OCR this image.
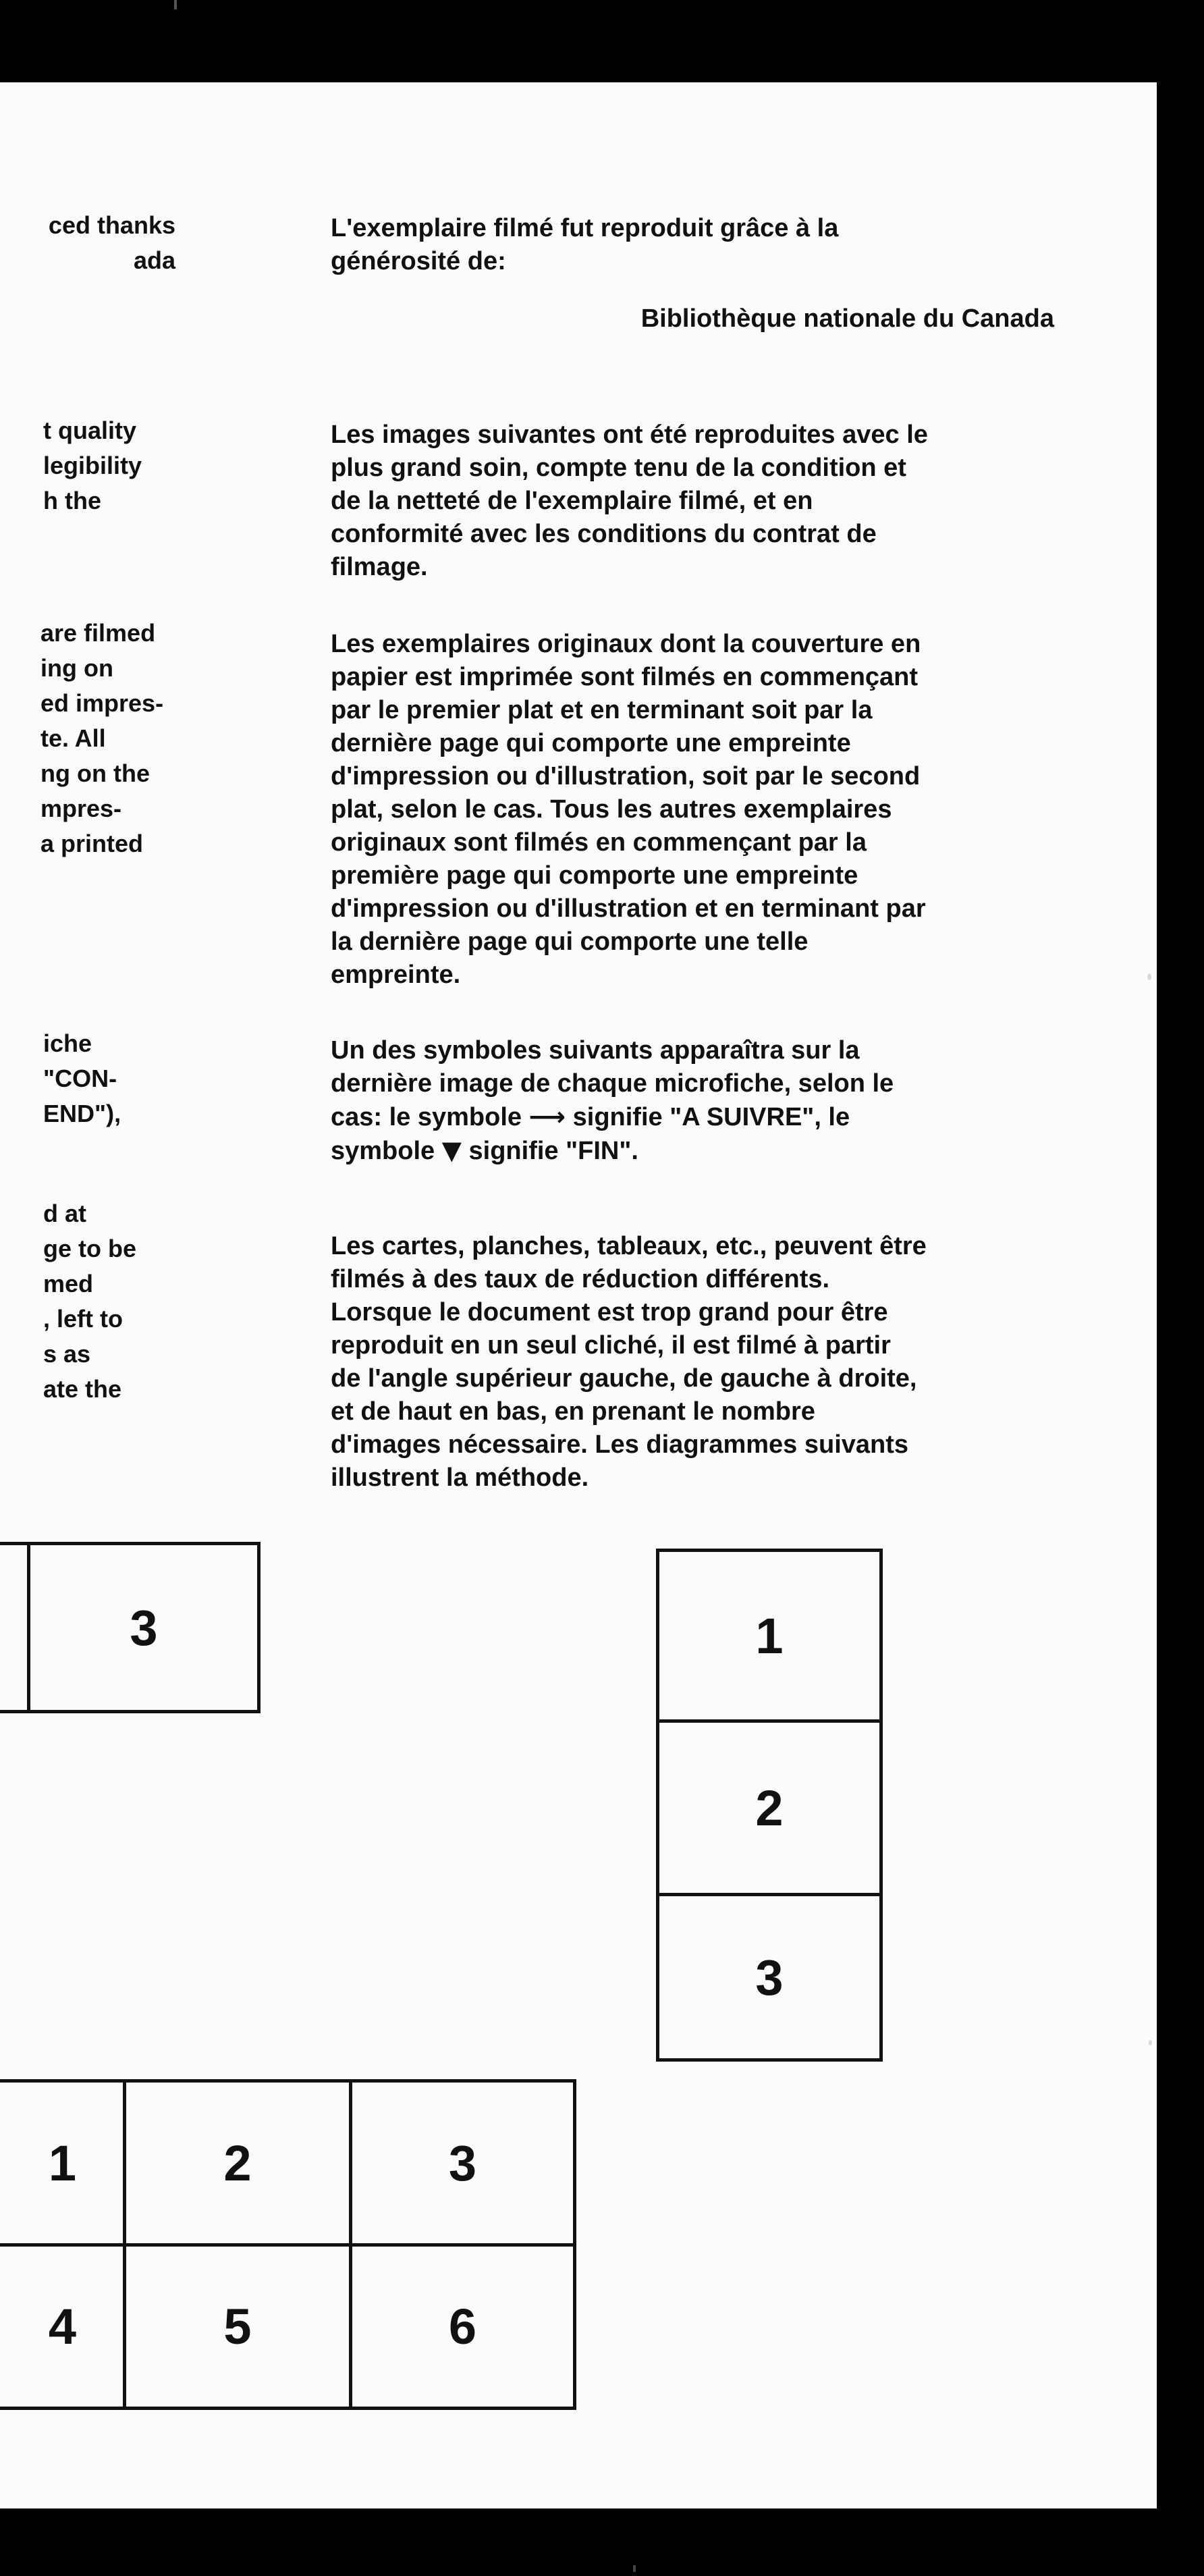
ced thanks
ada
t quality
legibility
h the
are filmed
ing on
ed impres-
te. All
ng on the
mpres-
a printed
iche
"CON-
END"),
d at
ge to be
med
, left to
s as
ate the
L'exemplaire filmé fut reproduit grâce à la
générosité de:
Bibliothèque nationale du Canada
Les images suivantes ont été reproduites avec le
plus grand soin, compte tenu de la condition et
de la netteté de l'exemplaire filmé, et en
conformité avec les conditions du contrat de
filmage.
Les exemplaires originaux dont la couverture en
papier est imprimée sont filmés en commençant
par le premier plat et en terminant soit par la
dernière page qui comporte une empreinte
d'impression ou d'illustration, soit par le second
plat, selon le cas. Tous les autres exemplaires
originaux sont filmés en commençant par la
première page qui comporte une empreinte
d'impression ou d'illustration et en terminant par
la dernière page qui comporte une telle
empreinte.
Un des symboles suivants apparaîtra sur la
dernière image de chaque microfiche, selon le
cas: le symbole ⟶ signifie "A SUIVRE", le
symbole ▼ signifie "FIN".
Les cartes, planches, tableaux, etc., peuvent être
filmés à des taux de réduction différents.
Lorsque le document est trop grand pour être
reproduit en un seul cliché, il est filmé à partir
de l'angle supérieur gauche, de gauche à droite,
et de haut en bas, en prenant le nombre
d'images nécessaire. Les diagrammes suivants
illustrent la méthode.
3	1
2
3
1	2	3
4	5	6
